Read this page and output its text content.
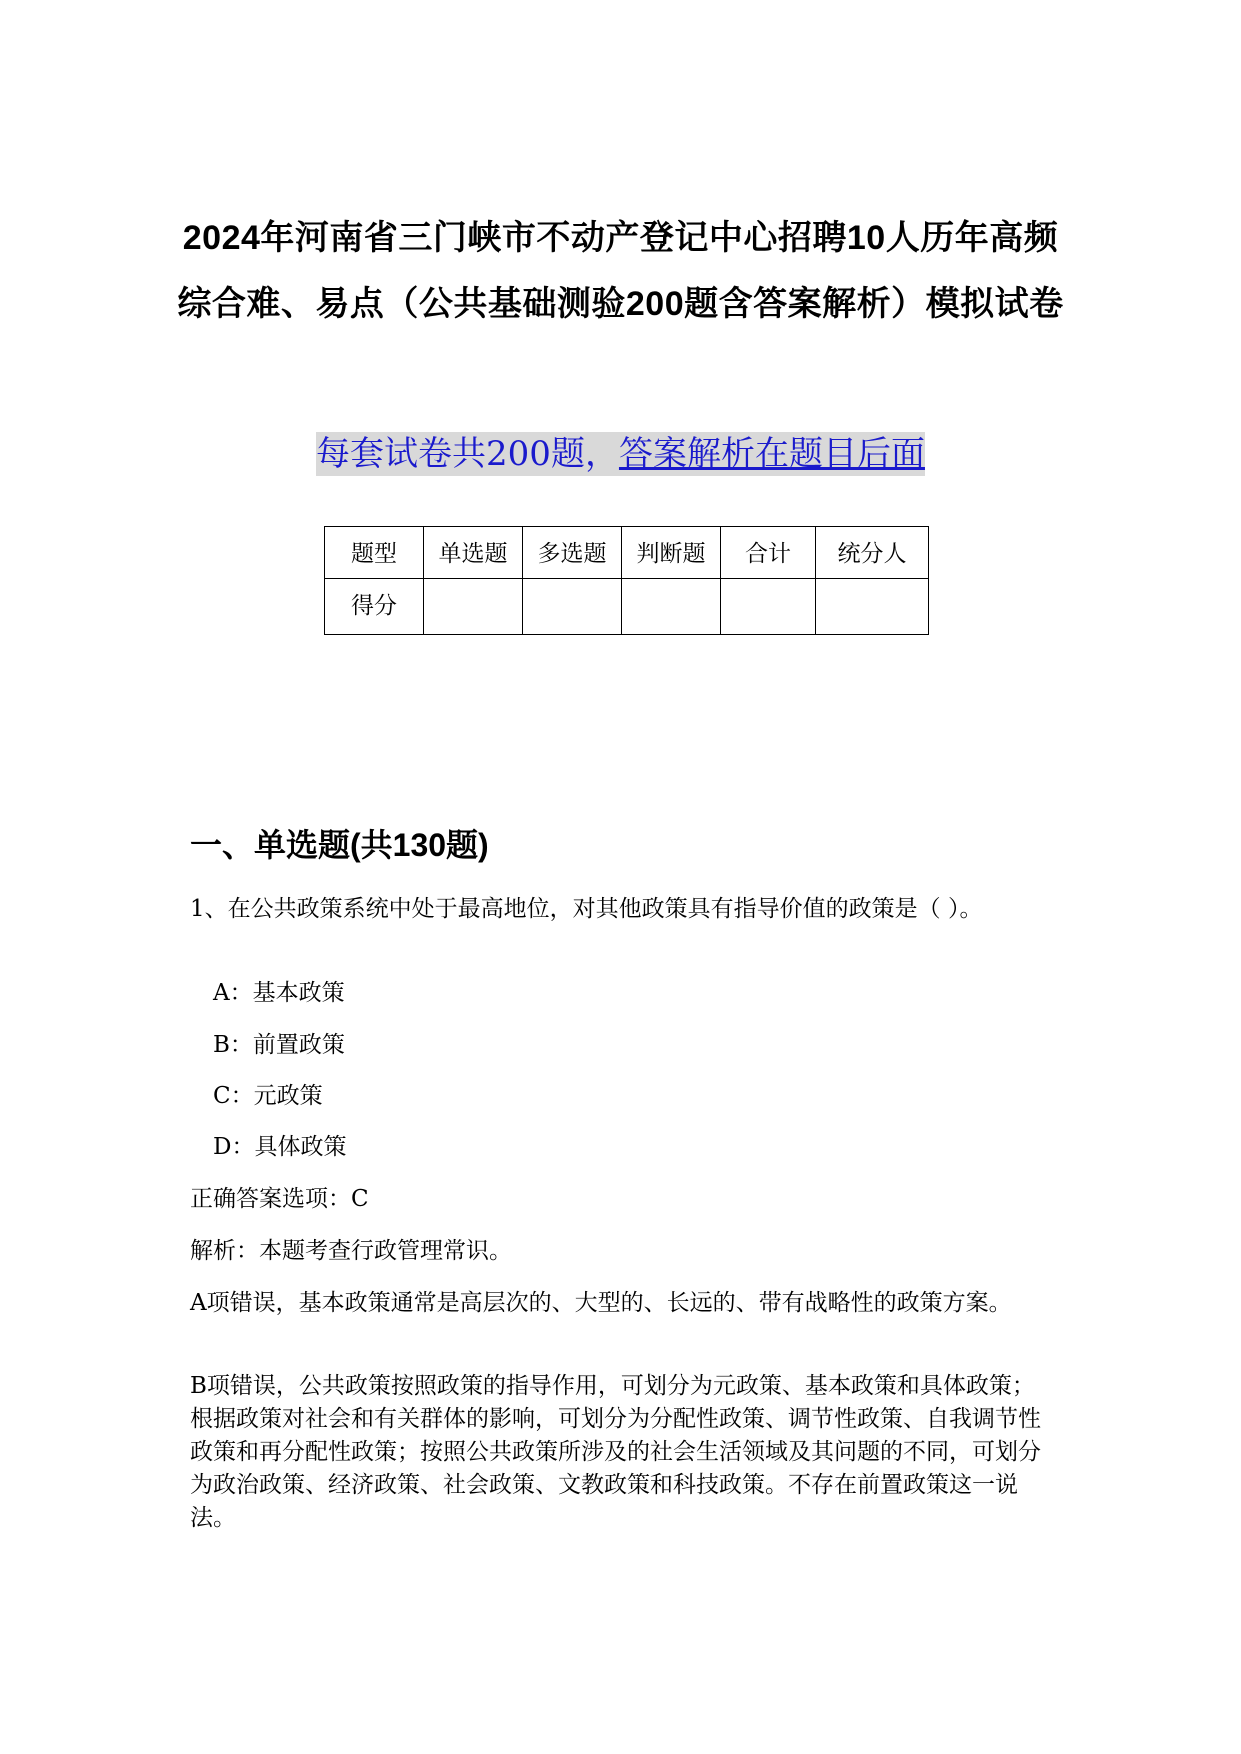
2024年河南省三门峡市不动产登记中心招聘10人历年高频
综合难、易点（公共基础测验200题含答案解析）模拟试卷
每套试卷共200题，答案解析在题目后面
题型	单选题	多选题	判断题	合计	统分人
得分					
一、单选题(共130题)
1、在公共政策系统中处于最高地位，对其他政策具有指导价值的政策是（ ）。
A：基本政策
B：前置政策
C：元政策
D：具体政策
正确答案选项：C
解析：本题考查行政管理常识。
A项错误，基本政策通常是高层次的、大型的、长远的、带有战略性的政策方案。
B项错误，公共政策按照政策的指导作用，可划分为元政策、基本政策和具体政策；根据政策对社会和有关群体的影响，可划分为分配性政策、调节性政策、自我调节性政策和再分配性政策；按照公共政策所涉及的社会生活领域及其问题的不同，可划分为政治政策、经济政策、社会政策、文教政策和科技政策。不存在前置政策这一说法。
